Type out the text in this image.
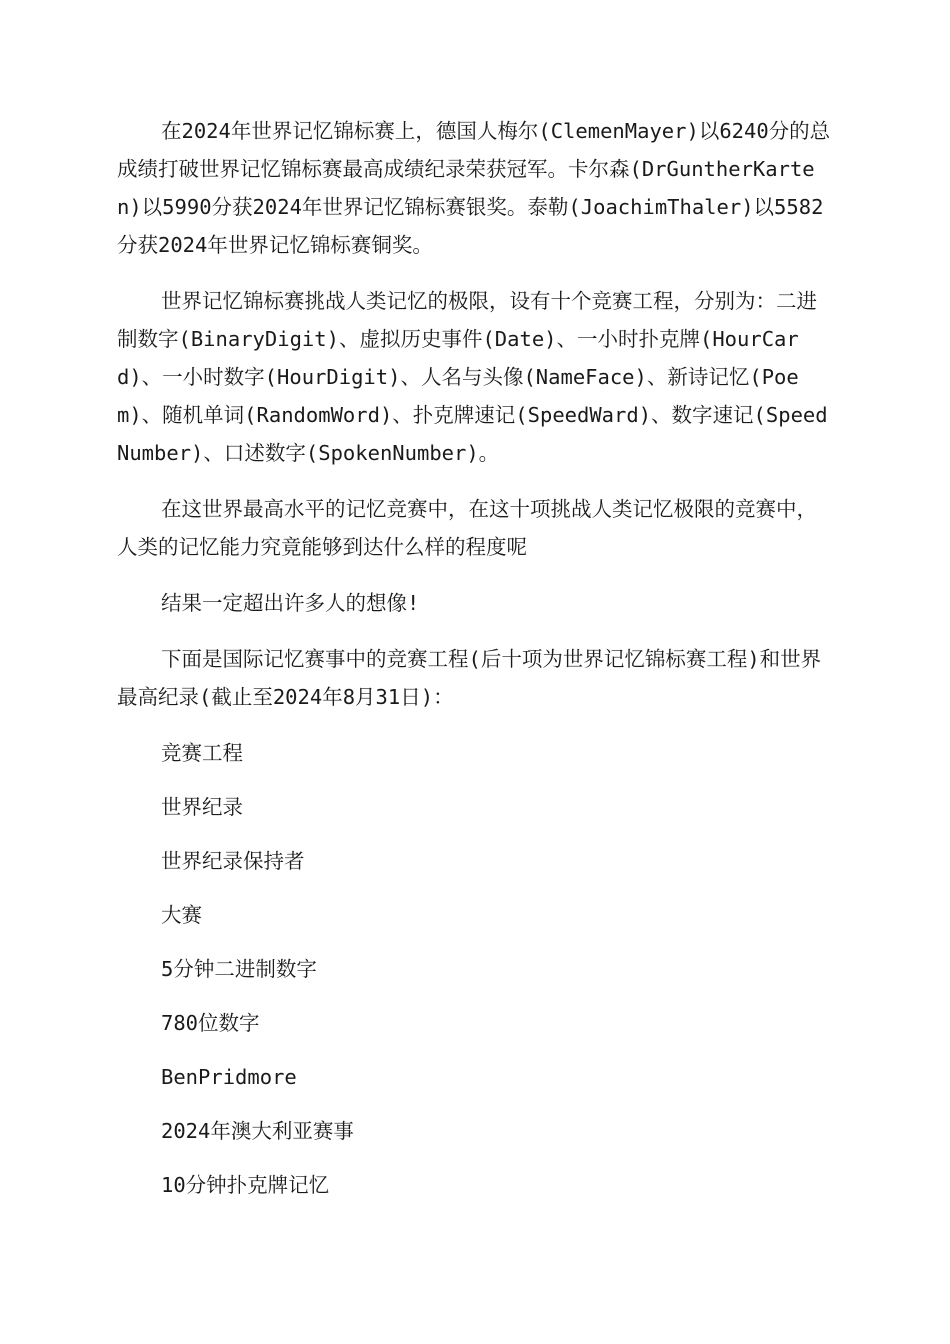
在2024年世界记忆锦标赛上，德国人梅尔(ClemenMayer)以6240分的总成绩打破世界记忆锦标赛最高成绩纪录荣获冠军。卡尔森(DrGuntherKarten)以5990分获2024年世界记忆锦标赛银奖。泰勒(JoachimThaler)以5582分获2024年世界记忆锦标赛铜奖。

世界记忆锦标赛挑战人类记忆的极限，设有十个竞赛工程，分别为：二进制数字(BinaryDigit)、虚拟历史事件(Date)、一小时扑克牌(HourCard)、一小时数字(HourDigit)、人名与头像(NameFace)、新诗记忆(Poem)、随机单词(RandomWord)、扑克牌速记(SpeedWard)、数字速记(SpeedNumber)、口述数字(SpokenNumber)。

在这世界最高水平的记忆竞赛中，在这十项挑战人类记忆极限的竞赛中，人类的记忆能力究竟能够到达什么样的程度呢

结果一定超出许多人的想像!

下面是国际记忆赛事中的竞赛工程(后十项为世界记忆锦标赛工程)和世界最高纪录(截止至2024年8月31日)：

竞赛工程
世界纪录
世界纪录保持者
大赛
5分钟二进制数字
780位数字
BenPridmore
2024年澳大利亚赛事
10分钟扑克牌记忆
